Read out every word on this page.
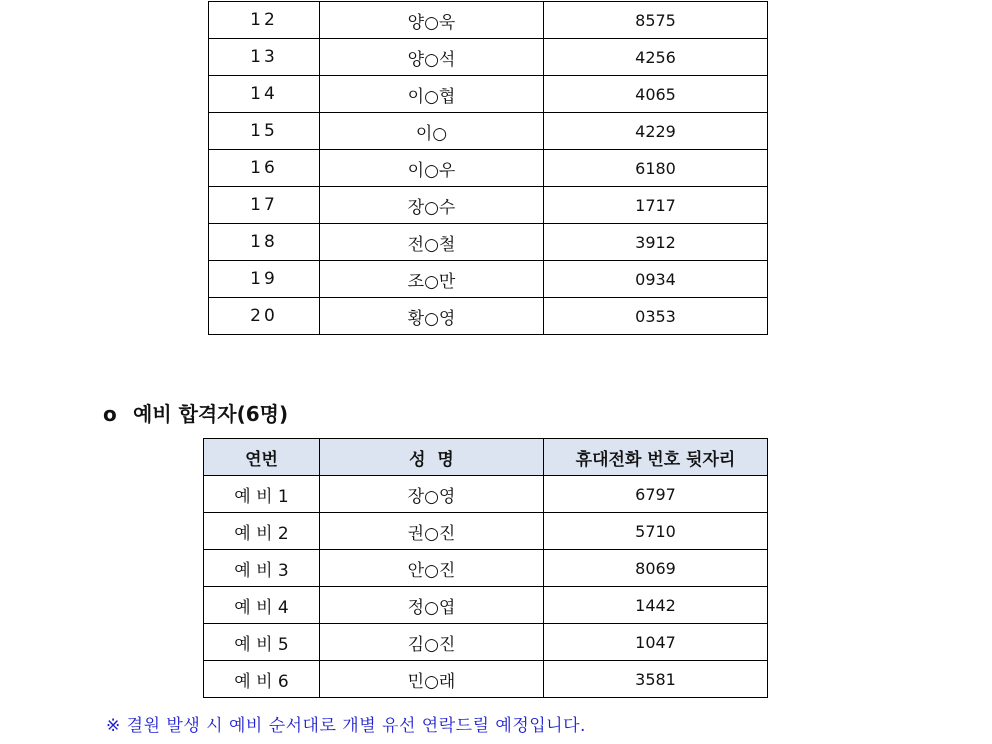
12	양○욱	8575
13	양○석	4256
14	이○협	4065
15	이○	4229
16	이○우	6180
17	장○수	1717
18	전○철	3912
19	조○만	0934
20	황○영	0353
o 예비 합격자(6명)
연번	성  명	휴대전화 번호 뒷자리
예 비 1	장○영	6797
예 비 2	권○진	5710
예 비 3	안○진	8069
예 비 4	정○엽	1442
예 비 5	김○진	1047
예 비 6	민○래	3581
※ 결원 발생 시 예비 순서대로 개별 유선 연락드릴 예정입니다.
